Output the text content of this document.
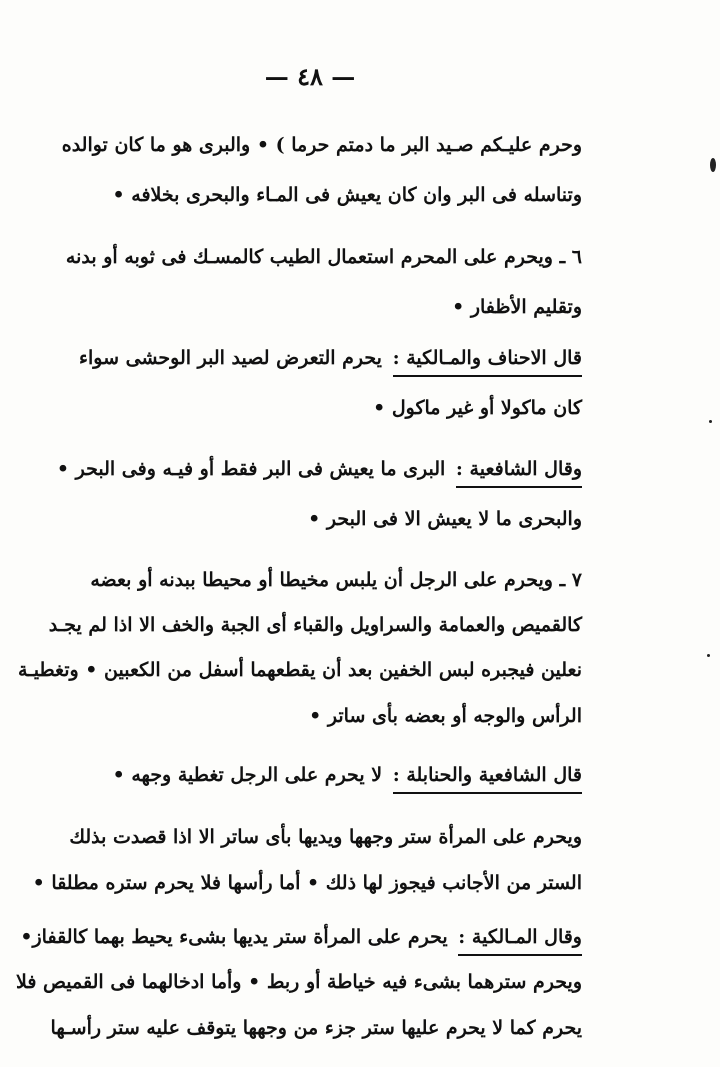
— ٤٨ —
وحرم عليـكم صـيد البر ما دمتم حرما ) • والبرى هو ما كان توالده
وتناسله فى البر وان كان يعيش فى المـاء والبحرى بخلافه •
٦ ـ ويحرم على المحرم استعمال الطيب كالمسـك فى ثوبه أو بدنه
وتقليم الأظفار •
قال الاحناف والمـالكية : يحرم التعرض لصيد البر الوحشى سواء
كان ماكولا أو غير ماكول •
وقال الشافعية : البرى ما يعيش فى البر فقط أو فيـه وفى البحر •
والبحرى ما لا يعيش الا فى البحر •
٧ ـ ويحرم على الرجل أن يلبس مخيطا أو محيطا ببدنه أو بعضه
كالقميص والعمامة والسراويل والقباء أى الجبة والخف الا اذا لم يجـد
نعلين فيجبره لبس الخفين بعد أن يقطعهما أسفل من الكعبين • وتغطيـة
الرأس والوجه أو بعضه بأى ساتر •
قال الشافعية والحنابلة : لا يحرم على الرجل تغطية وجهه •
ويحرم على المرأة ستر وجهها ويديها بأى ساتر الا اذا قصدت بذلك
الستر من الأجانب فيجوز لها ذلك • أما رأسها فلا يحرم ستره مطلقا •
وقال المـالكية : يحرم على المرأة ستر يديها بشىء يحيط بهما كالقفاز•
ويحرم سترهما بشىء فيه خياطة أو ربط • وأما ادخالهما فى القميص فلا
يحرم كما لا يحرم عليها ستر جزء من وجهها يتوقف عليه ستر رأسـها
